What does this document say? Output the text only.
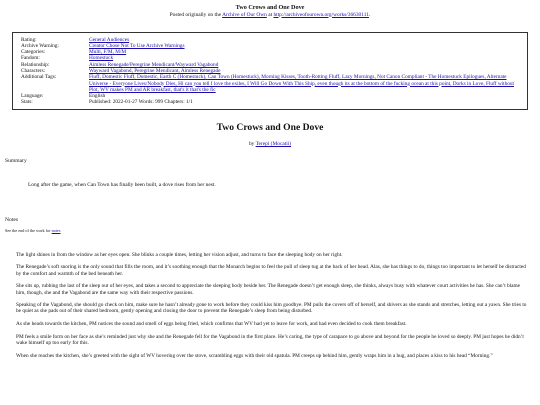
Two Crows and One Dove
Posted originally on the Archive of Our Own at http://archiveofourown.org/works/36630111.
Rating:	General Audiences
Archive Warning:	Creator Chose Not To Use Archive Warnings
Categories:	Multi , F/M , M/M
Fandom:	Homestuck
Relationship:	Aimless Renegade/Peregrine Mendicant/Wayward Vagabond
Characters:	Wayward Vagabond , Peregrine Mendicant , Aimless Renegade
Additional Tags:	Fluff , Domestic Fluff , Domestic , Earth C (Homestuck) , Can Town (Homestuck) , Morning Kisses , Tooth-Rotting Fluff , Lazy Mornings , Not Canon Compliant - The Homestuck Epilogues , Alternate Universe - Everyone Lives/Nobody Dies , Hi can you tell I love the exiles , I Will Go Down With This Ship , even though its at the bottom of the fucking ocean at this point , Dorks in Love , Fluff without Plot , WV makes PM and AR breakfast , that's it that's the fic
Language:	English
Stats:	Published: 2022-01-27 Words: 999 Chapters: 1/1
Two Crows and One Dove
by Terepi (Mocatii)
Summary
Long after the game, when Can Town has finally been built, a dove rises from her nest.
Notes
See the end of the work for notes

The light shines in from the window as her eyes open. She blinks a couple times, letting her vision adjust, and turns to face the sleeping body on her right.

The Renegade’s soft snoring is the only sound that fills the room, and it’s soothing enough that the Monarch begins to feel the pull of sleep tug at the back of her head. Alas, she has things to do, things too important to let herself be distracted by the comfort and warmth of the bed beneath her.

She sits up, rubbing the last of the sleep out of her eyes, and takes a second to appreciate the sleeping body beside her. The Renegade doesn’t get enough sleep, she thinks, always busy with whatever court activities he has. She can’t blame him, though, she and the Vagabond are the same way with their respective passions.

Speaking of the Vagabond, she should go check on him, make sure he hasn’t already gone to work before they could kiss him goodbye. PM pulls the covers off of herself, and shivers as she stands and stretches, letting out a yawn. She tries to be quiet as she pads out of their shared bedroom, gently opening and closing the door to prevent the Renegade’s sleep from being disturbed.

As she heads towards the kitchen, PM notices the sound and smell of eggs being fried, which confirms that WV had yet to leave for work, and had even decided to cook them breakfast.

PM feels a smile form on her face as she’s reminded just why she and the Renegade fell for the Vagabond in the first place. He’s caring, the type of carapace to go above and beyond for the people he loved so deeply. PM just hopes he didn’t wake himself up too early for this.

When she reaches the kitchen, she’s greeted with the sight of WV hovering over the stove, scrambling eggs with their old spatula. PM creeps up behind him, gently wraps him in a hug, and places a kiss to his head “Morning.”
